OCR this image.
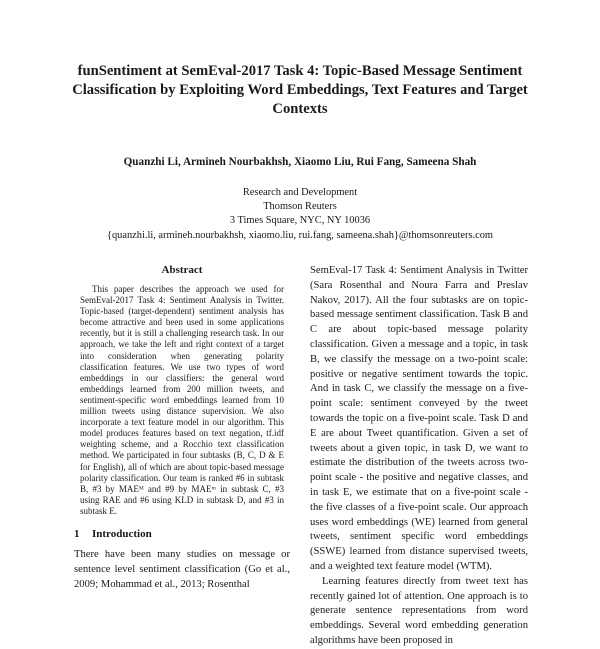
funSentiment at SemEval-2017 Task 4: Topic-Based Message Sentiment Classification by Exploiting Word Embeddings, Text Features and Target Contexts
Quanzhi Li, Armineh Nourbakhsh, Xiaomo Liu, Rui Fang, Sameena Shah
Research and Development
Thomson Reuters
3 Times Square, NYC, NY 10036
{quanzhi.li, armineh.nourbakhsh, xiaomo.liu, rui.fang, sameena.shah}@thomsonreuters.com
Abstract

This paper describes the approach we used for SemEval-2017 Task 4: Sentiment Analysis in Twitter. Topic-based (target-dependent) sentiment analysis has become attractive and been used in some applications recently, but it is still a challenging research task. In our approach, we take the left and right context of a target into consideration when generating polarity classification features. We use two types of word embeddings in our classifiers: the general word embeddings learned from 200 million tweets, and sentiment-specific word embeddings learned from 10 million tweets using distance supervision. We also incorporate a text feature model in our algorithm. This model produces features based on text negation, tf.idf weighting scheme, and a Rocchio text classification method. We participated in four subtasks (B, C, D & E for English), all of which are about topic-based message polarity classification. Our team is ranked #6 in subtask B, #3 by MAEᴹ and #9 by MAEᵐ in subtask C, #3 using RAE and #6 using KLD in subtask D, and #3 in subtask E.

1 Introduction

There have been many studies on message or sentence level sentiment classification (Go et al., 2009; Mohammad et al., 2013; Rosenthal

SemEval-17 Task 4: Sentiment Analysis in Twitter (Sara Rosenthal and Noura Farra and Preslav Nakov, 2017). All the four subtasks are on topic-based message sentiment classification. Task B and C are about topic-based message polarity classification. Given a message and a topic, in task B, we classify the message on a two-point scale: positive or negative sentiment towards the topic. And in task C, we classify the message on a five-point scale: sentiment conveyed by the tweet towards the topic on a five-point scale. Task D and E are about Tweet quantification. Given a set of tweets about a given topic, in task D, we want to estimate the distribution of the tweets across two-point scale - the positive and negative classes, and in task E, we estimate that on a five-point scale - the five classes of a five-point scale. Our approach uses word embeddings (WE) learned from general tweets, sentiment specific word embeddings (SSWE) learned from distance supervised tweets, and a weighted text feature model (WTM).

Learning features directly from tweet text has recently gained lot of attention. One approach is to generate sentence representations from word embeddings. Several word embedding generation algorithms have been proposed in
